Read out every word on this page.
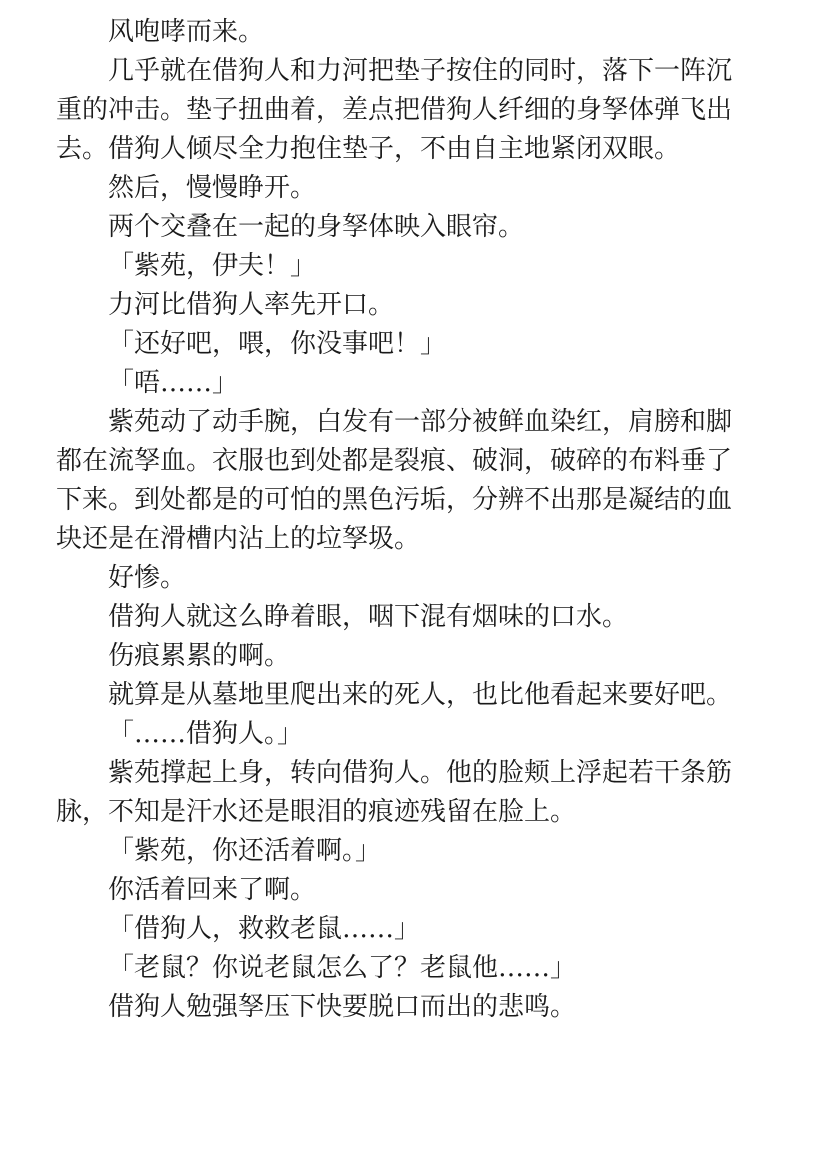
风咆哮而来。
几乎就在借狗人和力河把垫子按住的同时，落下一阵沉
重的冲击。垫子扭曲着，差点把借狗人纤细的身孥体弹飞出
去。借狗人倾尽全力抱住垫子，不由自主地紧闭双眼。
然后，慢慢睁开。
两个交叠在一起的身孥体映入眼帘。
「紫苑，伊夫！」
力河比借狗人率先开口。
「还好吧，喂，你没事吧！」
「唔……」
紫苑动了动手腕，白发有一部分被鲜血染红，肩膀和脚
都在流孥血。衣服也到处都是裂痕、破洞，破碎的布料垂了
下来。到处都是的可怕的黑色污垢，分辨不出那是凝结的血
块还是在滑槽内沾上的垃孥圾。
好惨。
借狗人就这么睁着眼，咽下混有烟味的口水。
伤痕累累的啊。
就算是从墓地里爬出来的死人，也比他看起来要好吧。
「……借狗人。」
紫苑撑起上身，转向借狗人。他的脸颊上浮起若干条筋
脉，不知是汗水还是眼泪的痕迹残留在脸上。
「紫苑，你还活着啊。」
你活着回来了啊。
「借狗人，救救老鼠……」
「老鼠？你说老鼠怎么了？老鼠他……」
借狗人勉强孥压下快要脱口而出的悲鸣。
